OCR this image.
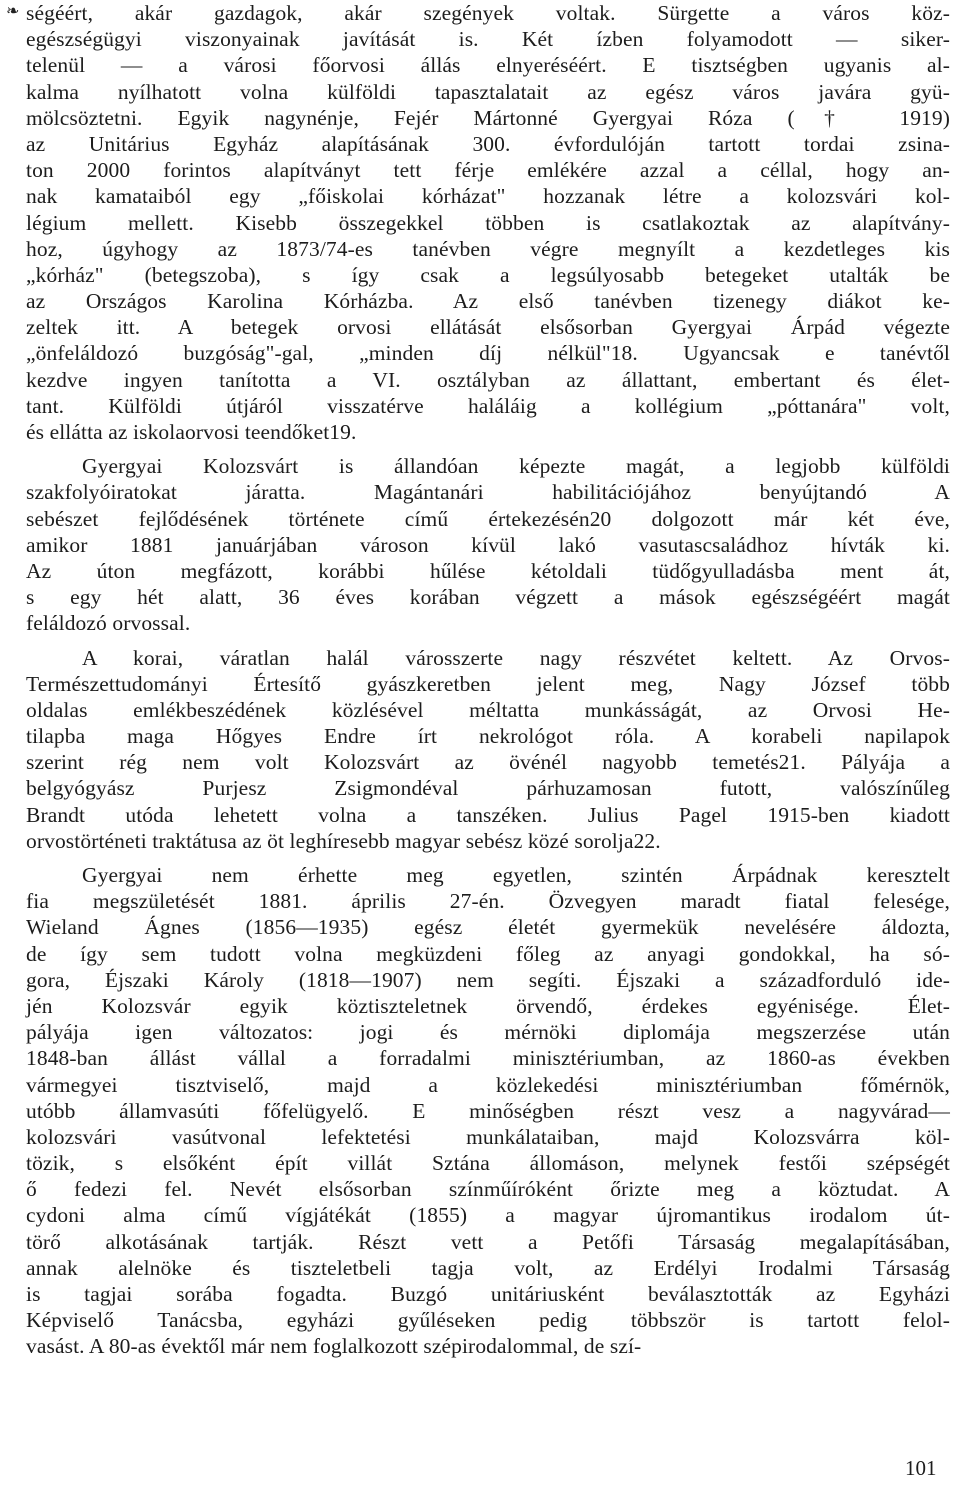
❧ ségéért, akár gazdagok, akár szegények voltak. Sürgette a város köz-
egészségügyi viszonyainak javítását is. Két ízben folyamodott — siker-
telenül — a városi főorvosi állás elnyeréséért. E tisztségben ugyanis al-
kalma nyílhatott volna külföldi tapasztalatait az egész város javára gyü-
mölcsöztetni. Egyik nagynénje, Fejér Mártonné Gyergyai Róza († 1919)
az Unitárius Egyház alapításának 300. évfordulóján tartott tordai zsina-
ton 2000 forintos alapítványt tett férje emlékére azzal a céllal, hogy an-
nak kamataiból egy „főiskolai kórházat" hozzanak létre a kolozsvári kol-
légium mellett. Kisebb összegekkel többen is csatlakoztak az alapítvány-
hoz, úgyhogy az 1873/74-es tanévben végre megnyílt a kezdetleges kis
„kórház" (betegszoba), s így csak a legsúlyosabb betegeket utalták be
az Országos Karolina Kórházba. Az első tanévben tizenegy diákot ke-
zeltek itt. A betegek orvosi ellátását elsősorban Gyergyai Árpád végezte
„önfeláldozó buzgóság"-gal, „minden díj nélkül"18. Ugyancsak e tanévtől
kezdve ingyen tanította a VI. osztályban az állattant, embertant és élet-
tant. Külföldi útjáról visszatérve haláláig a kollégium „póttanára" volt,
és ellátta az iskolaorvosi teendőket19.
Gyergyai Kolozsvárt is állandóan képezte magát, a legjobb külföldi
szakfolyóiratokat járatta. Magántanári habilitációjához benyújtandó A
sebészet fejlődésének története című értekezésén20 dolgozott már két éve,
amikor 1881 januárjában városon kívül lakó vasutascsaládhoz hívták ki.
Az úton megfázott, korábbi hűlése kétoldali tüdőgyulladásba ment át,
s egy hét alatt, 36 éves korában végzett a mások egészségéért magát
feláldozó orvossal.
A korai, váratlan halál városszerte nagy részvétet keltett. Az Orvos-
Természettudományi Értesítő gyászkeretben jelent meg, Nagy József több
oldalas emlékbeszédének közlésével méltatta munkásságát, az Orvosi He-
tilapba maga Hőgyes Endre írt nekrológot róla. A korabeli napilapok
szerint rég nem volt Kolozsvárt az övénél nagyobb temetés21. Pályája a
belgyógyász Purjesz Zsigmondéval párhuzamosan futott, valószínűleg
Brandt utóda lehetett volna a tanszéken. Julius Pagel 1915-ben kiadott
orvostörténeti traktátusa az öt leghíresebb magyar sebész közé sorolja22.
Gyergyai nem érhette meg egyetlen, szintén Árpádnak keresztelt
fia megszületését 1881. április 27-én. Özvegyen maradt fiatal felesége,
Wieland Ágnes (1856—1935) egész életét gyermekük nevelésére áldozta,
de így sem tudott volna megküzdeni főleg az anyagi gondokkal, ha só-
gora, Éjszaki Károly (1818—1907) nem segíti. Éjszaki a századforduló ide-
jén Kolozsvár egyik köztiszteletnek örvendő, érdekes egyénisége. Élet-
pályája igen változatos: jogi és mérnöki diplomája megszerzése után
1848-ban állást vállal a forradalmi minisztériumban, az 1860-as években
vármegyei tisztviselő, majd a közlekedési minisztériumban főmérnök,
utóbb államvasúti főfelügyelő. E minőségben részt vesz a nagyvárad—
kolozsvári vasútvonal lefektetési munkálataiban, majd Kolozsvárra köl-
tözik, s elsőként épít villát Sztána állomáson, melynek festői szépségét
ő fedezi fel. Nevét elsősorban színműíróként őrizte meg a köztudat. A
cydoni alma című vígjátékát (1855) a magyar újromantikus irodalom út-
törő alkotásának tartják. Részt vett a Petőfi Társaság megalapításában,
annak alelnöke és tiszteletbeli tagja volt, az Erdélyi Irodalmi Társaság
is tagjai sorába fogadta. Buzgó unitáriusként beválasztották az Egyházi
Képviselő Tanácsba, egyházi gyűléseken pedig többször is tartott felol-
vasást. A 80-as évektől már nem foglalkozott szépirodalommal, de szí-
101
